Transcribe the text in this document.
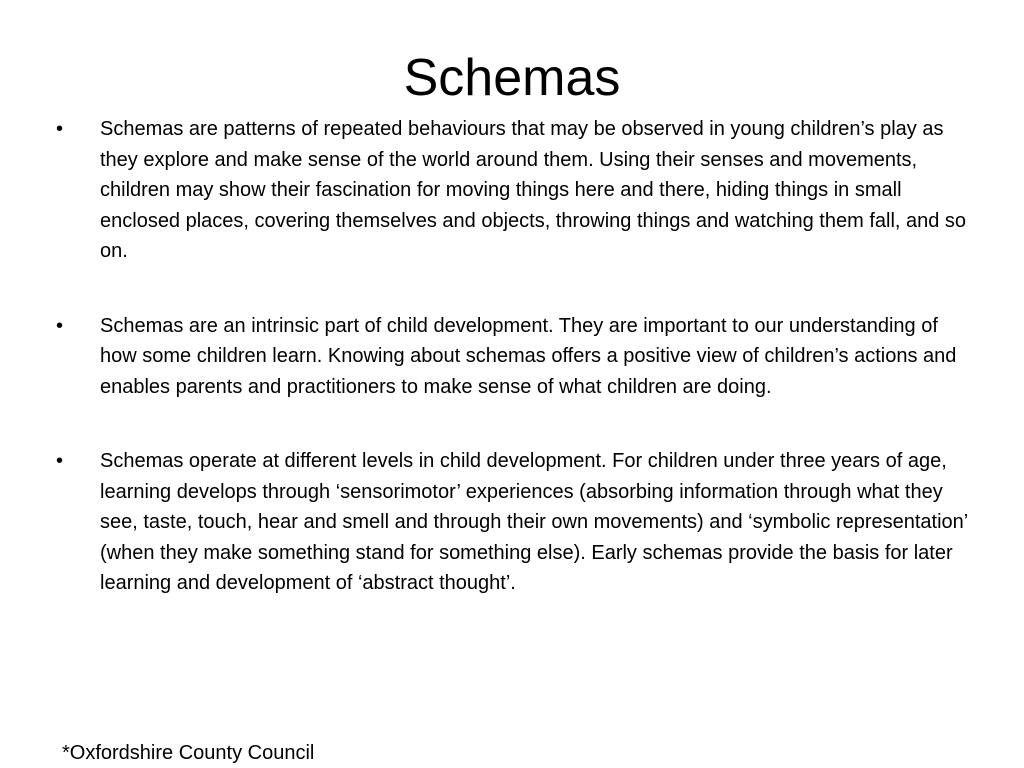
Schemas
•	Schemas are patterns of repeated behaviours that may be observed in young children’s play as they explore and make sense of the world around them. Using their senses and movements, children may show their fascination for moving things here and there, hiding things in small enclosed places, covering themselves and objects, throwing things and watching them fall, and so on.
•	Schemas are an intrinsic part of child development. They are important to our understanding of how some children learn. Knowing about schemas offers a positive view of children’s actions and enables parents and practitioners to make sense of what children are doing.
•	Schemas operate at different levels in child development. For children under three years of age, learning develops through ‘sensorimotor’ experiences (absorbing information through what they see, taste, touch, hear and smell and through their own movements) and ‘symbolic representation’ (when they make something stand for something else). Early schemas provide the basis for later learning and development of ‘abstract thought’.

*Oxfordshire County Council
